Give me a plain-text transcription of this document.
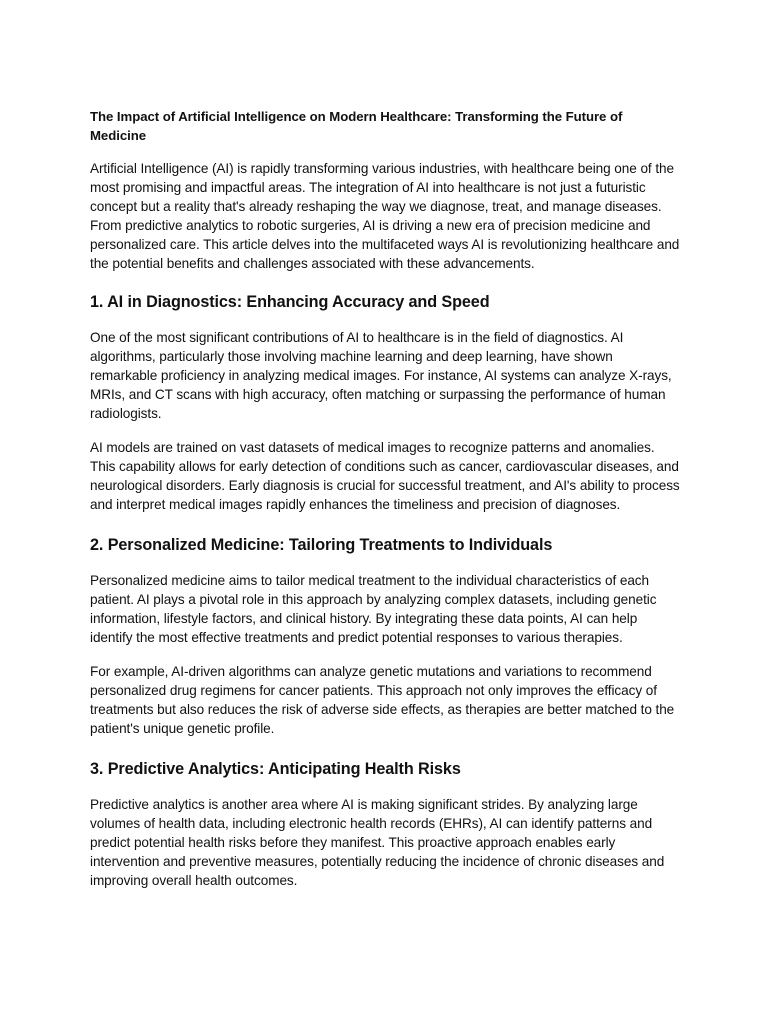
The Impact of Artificial Intelligence on Modern Healthcare: Transforming the Future of Medicine

Artificial Intelligence (AI) is rapidly transforming various industries, with healthcare being one of the most promising and impactful areas. The integration of AI into healthcare is not just a futuristic concept but a reality that's already reshaping the way we diagnose, treat, and manage diseases. From predictive analytics to robotic surgeries, AI is driving a new era of precision medicine and personalized care. This article delves into the multifaceted ways AI is revolutionizing healthcare and the potential benefits and challenges associated with these advancements.

1. AI in Diagnostics: Enhancing Accuracy and Speed

One of the most significant contributions of AI to healthcare is in the field of diagnostics. AI algorithms, particularly those involving machine learning and deep learning, have shown remarkable proficiency in analyzing medical images. For instance, AI systems can analyze X-rays, MRIs, and CT scans with high accuracy, often matching or surpassing the performance of human radiologists.

AI models are trained on vast datasets of medical images to recognize patterns and anomalies. This capability allows for early detection of conditions such as cancer, cardiovascular diseases, and neurological disorders. Early diagnosis is crucial for successful treatment, and AI's ability to process and interpret medical images rapidly enhances the timeliness and precision of diagnoses.

2. Personalized Medicine: Tailoring Treatments to Individuals

Personalized medicine aims to tailor medical treatment to the individual characteristics of each patient. AI plays a pivotal role in this approach by analyzing complex datasets, including genetic information, lifestyle factors, and clinical history. By integrating these data points, AI can help identify the most effective treatments and predict potential responses to various therapies.

For example, AI-driven algorithms can analyze genetic mutations and variations to recommend personalized drug regimens for cancer patients. This approach not only improves the efficacy of treatments but also reduces the risk of adverse side effects, as therapies are better matched to the patient's unique genetic profile.

3. Predictive Analytics: Anticipating Health Risks

Predictive analytics is another area where AI is making significant strides. By analyzing large volumes of health data, including electronic health records (EHRs), AI can identify patterns and predict potential health risks before they manifest. This proactive approach enables early intervention and preventive measures, potentially reducing the incidence of chronic diseases and improving overall health outcomes.
